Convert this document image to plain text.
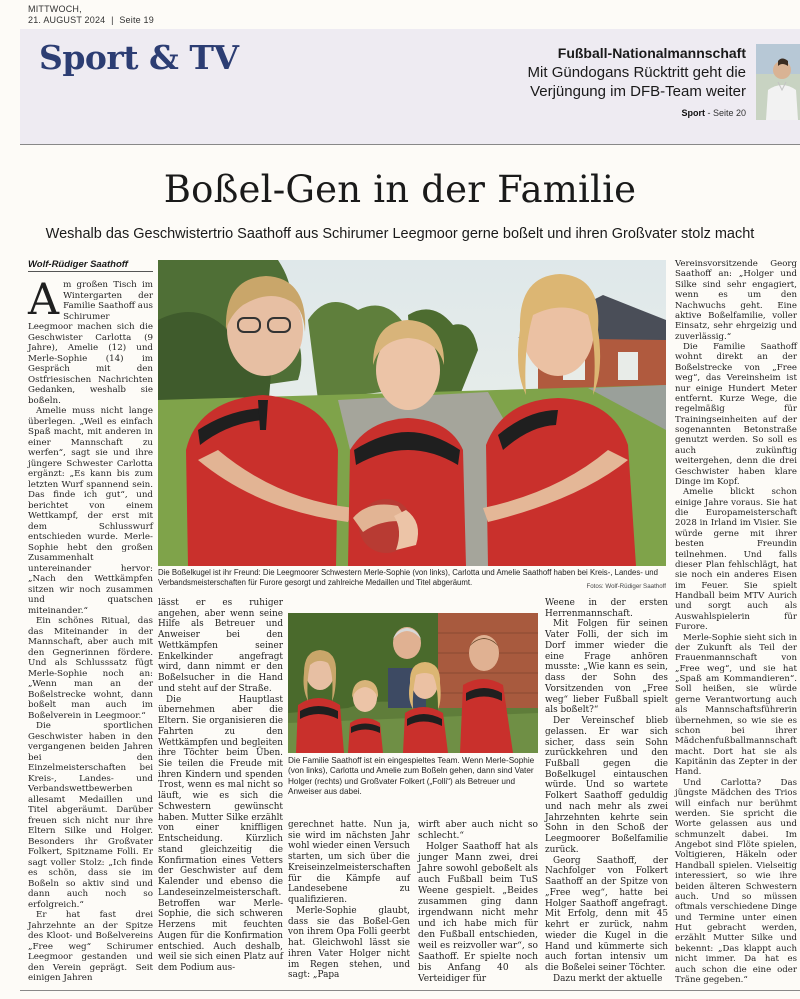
MITTWOCH,
21. AUGUST 2024 | Seite 19
Sport & TV	Fußball-Nationalmannschaft
Mit Gündogans Rücktritt geht die Verjüngung im DFB-Team weiter
Sport - Seite 20
Boßel-Gen in der Familie
Weshalb das Geschwistertrio Saathoff aus Schirumer Leegmoor gerne boßelt und ihren Großvater stolz macht
Wolf-Rüdiger Saathoff

Am großen Tisch im Wintergarten der Familie Saathoff aus Schirumer Leegmoor machen sich die Geschwister Carlotta (9 Jahre), Amelie (12) und Merle-Sophie (14) im Gespräch mit den Ostfriesischen Nachrichten Gedanken, weshalb sie boßeln.

Amelie muss nicht lange überlegen. „Weil es einfach Spaß macht, mit anderen in einer Mannschaft zu werfen“, sagt sie und ihre jüngere Schwester Carlotta ergänzt: „Es kann bis zum letzten Wurf spannend sein. Das finde ich gut“, und berichtet von einem Wettkampf, der erst mit dem Schlusswurf entschieden wurde. Merle-Sophie hebt den großen Zusammenhalt untereinander hervor: „Nach den Wettkämpfen sitzen wir noch zusammen und quatschen miteinander.“

Ein schönes Ritual, das das Miteinander in der Mannschaft, aber auch mit den Gegnerinnen fördere. Und als Schlusssatz fügt Merle-Sophie noch an: „Wenn man an der Boßelstrecke wohnt, dann boßelt man auch im Boßelverein in Leegmoor.“

Die sportlichen Geschwister haben in den vergangenen beiden Jahren bei den Einzelmeisterschaften bei Kreis-, Landes- und Verbandswettbewerben allesamt Medaillen und Titel abgeräumt. Darüber freuen sich nicht nur ihre Eltern Silke und Holger. Besonders ihr Großvater Folkert, Spitzname Folli. Er sagt voller Stolz: „Ich finde es schön, dass sie im Boßeln so aktiv sind und dann auch noch so erfolgreich.“

Er hat fast drei Jahrzehnte an der Spitze des Kloot- und Boßelvereins „Free weg“ Schirumer Leegmoor gestanden und den Verein geprägt. Seit einigen Jahren

Die Boßelkugel ist ihr Freund: Die Leegmoorer Schwestern Merle-Sophie (von links), Carlotta und Amelie Saathoff haben bei Kreis-, Landes- und Verbandsmeisterschaften für Furore gesorgt und zahlreiche Medaillen und Titel abgeräumt.	Fotos: Wolf-Rüdiger Saathoff

lässt er es ruhiger angehen, aber wenn seine Hilfe als Betreuer und Anweiser bei den Wettkämpfen seiner Enkelkinder angefragt wird, dann nimmt er den Boßelsucher in die Hand und steht auf der Straße.

Die Hauptlast übernehmen aber die Eltern. Sie organisieren die Fahrten zu den Wettkämpfen und begleiten ihre Töchter beim Üben. Sie teilen die Freude mit ihren Kindern und spenden Trost, wenn es mal nicht so läuft, wie es sich die Schwestern gewünscht haben. Mutter Silke erzählt von einer kniffligen Entscheidung. Kürzlich stand gleichzeitig die Konfirmation eines Vetters der Geschwister auf dem Kalender und ebenso die Landeseinzelmeisterschaft. Betroffen war Merle-Sophie, die sich schweren Herzens mit feuchten Augen für die Konfirmation entschied. Auch deshalb, weil sie sich einen Platz auf dem Podium aus-

Die Familie Saathoff ist ein eingespieltes Team. Wenn Merle-Sophie (von links), Carlotta und Amelie zum Boßeln gehen, dann sind Vater Holger (rechts) und Großvater Folkert („Folli“) als Betreuer und Anweiser aus dabei.

gerechnet hatte. Nun ja, sie wird im nächsten Jahr wohl wieder einen Versuch starten, um sich über die Kreiseinzelmeisterschaften für die Kämpfe auf Landesebene zu qualifizieren.

Merle-Sophie glaubt, dass sie das Boßel-Gen von ihrem Opa Folli geerbt hat. Gleichwohl lässt sie ihren Vater Holger nicht im Regen stehen, und sagt: „Papa

wirft aber auch nicht so schlecht.“

Holger Saathoff hat als junger Mann zwei, drei Jahre sowohl geboßelt als auch Fußball beim TuS Weene gespielt. „Beides zusammen ging dann irgendwann nicht mehr und ich habe mich für den Fußball entschieden, weil es reizvoller war“, so Saathoff. Er spielte noch bis Anfang 40 als Verteidiger für

Weene in der ersten Herrenmannschaft.

Mit Folgen für seinen Vater Folli, der sich im Dorf immer wieder die eine Frage anhören musste: „Wie kann es sein, dass der Sohn des Vorsitzenden von „Free weg“ lieber Fußball spielt als boßelt?“

Der Vereinschef blieb gelassen. Er war sich sicher, dass sein Sohn zurückkehren und den Fußball gegen die Boßelkugel eintauschen würde. Und so wartete Folkert Saathoff geduldig und nach mehr als zwei Jahrzehnten kehrte sein Sohn in den Schoß der Leegmoorer Boßelfamilie zurück.

Georg Saathoff, der Nachfolger von Folkert Saathoff an der Spitze von „Free weg“, hatte bei Holger Saathoff angefragt. Mit Erfolg, denn mit 45 kehrt er zurück, nahm wieder die Kugel in die Hand und kümmerte sich auch fortan intensiv um die Boßelei seiner Töchter.

Dazu merkt der aktuelle

Vereinsvorsitzende Georg Saathoff an: „Holger und Silke sind sehr engagiert, wenn es um den Nachwuchs geht. Eine aktive Boßelfamilie, voller Einsatz, sehr ehrgeizig und zuverlässig.“

Die Familie Saathoff wohnt direkt an der Boßelstrecke von „Free weg“, das Vereinsheim ist nur einige Hundert Meter entfernt. Kurze Wege, die regelmäßig für Trainingseinheiten auf der sogenannten Betonstraße genutzt werden. So soll es auch zukünftig weitergehen, denn die drei Geschwister haben klare Dinge im Kopf.

Amelie blickt schon einige Jahre voraus. Sie hat die Europameisterschaft 2028 in Irland im Visier. Sie würde gerne mit ihrer besten Freundin teilnehmen. Und falls dieser Plan fehlschlägt, hat sie noch ein anderes Eisen im Feuer. Sie spielt Handball beim MTV Aurich und sorgt auch als Auswahlspielerin für Furore.

Merle-Sophie sieht sich in der Zukunft als Teil der Frauenmannschaft von „Free weg“, und sie hat „Spaß am Kommandieren“. Soll heißen, sie würde gerne Verantwortung auch als Mannschaftsführerin übernehmen, so wie sie es schon bei ihrer Mädchenfußballmannschaft macht. Dort hat sie als Kapitänin das Zepter in der Hand.

Und Carlotta? Das jüngste Mädchen des Trios will einfach nur berühmt werden. Sie spricht die Worte gelassen aus und schmunzelt dabei. Im Angebot sind Flöte spielen, Voltigieren, Häkeln oder Handball spielen. Vielseitig interessiert, so wie ihre beiden älteren Schwestern auch. Und so müssen oftmals verschiedene Dinge und Termine unter einen Hut gebracht werden, erzählt Mutter Silke und bekennt: „Das klappt auch nicht immer. Da hat es auch schon die eine oder Träne gegeben.“
